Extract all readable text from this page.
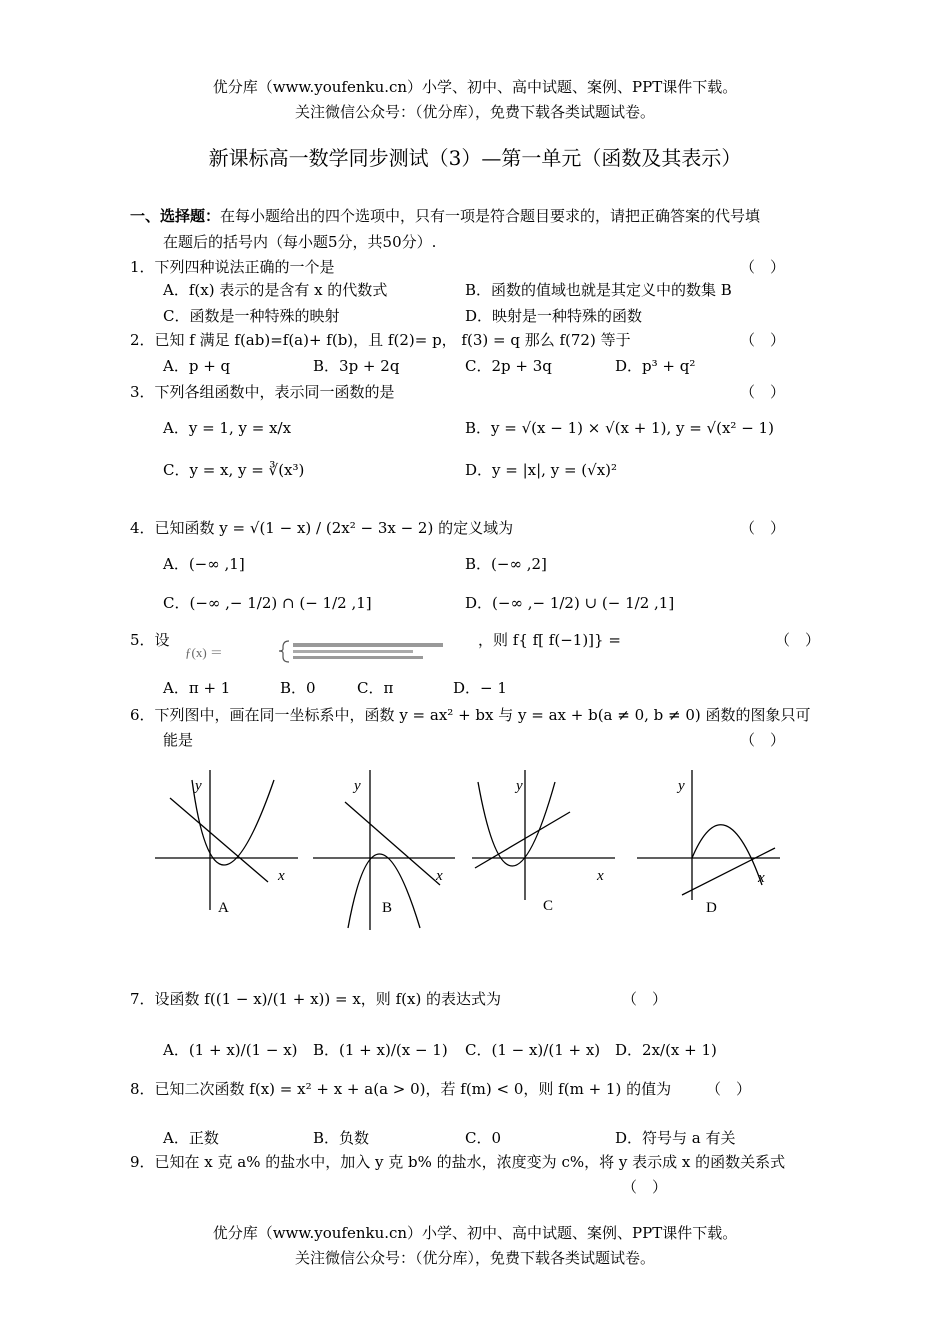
优分库（www.youfenku.cn）小学、初中、高中试题、案例、PPT课件下载。
关注微信公众号：（优分库），免费下载各类试题试卷。
新课标高一数学同步测试（3）—第一单元（函数及其表示）
一、选择题：在每小题给出的四个选项中，只有一项是符合题目要求的，请把正确答案的代号填
在题后的括号内（每小题5分，共50分）.
1．下列四种说法正确的一个是	（　）
A．f(x) 表示的是含有 x 的代数式	B．函数的值域也就是其定义中的数集 B
C．函数是一种特殊的映射	D．映射是一种特殊的函数
2．已知 f 满足 f(ab)=f(a)+ f(b)，且 f(2)= p， f(3) = q 那么 f(72) 等于	（　）
A．p + q	B．3p + 2q	C．2p + 3q	D．p³ + q²
3．下列各组函数中，表示同一函数的是	（　）
A．y = 1, y = x/x	B．y = √(x − 1) × √(x + 1), y = √(x² − 1)
C．y = x, y = ∛(x³)	D．y = |x|, y = (√x)²
4．已知函数 y = √(1 − x) / (2x² − 3x − 2) 的定义域为	（　）
A．(−∞ ,1]	B．(−∞ ,2]
C．(−∞ ,− 1/2) ∩ (− 1/2 ,1]	D．(−∞ ,− 1/2) ∪ (− 1/2 ,1]
5．设
ƒ(x) ＝
，则 f{ f[ f(−1)]} =	（　）
A．π + 1	B．0	C．π	D．− 1
6．下列图中，画在同一坐标系中，函数 y = ax² + bx 与 y = ax + b(a ≠ 0, b ≠ 0) 函数的图象只可
能是	（　）
y
x
A
y
x
B
y
x
C
y
x
D
7．设函数 f((1 − x)/(1 + x)) = x，则 f(x) 的表达式为	（　）
A．(1 + x)/(1 − x) B．(1 + x)/(x − 1) C．(1 − x)/(1 + x) D．2x/(x + 1)
8．已知二次函数 f(x) = x² + x + a(a > 0)，若 f(m) < 0，则 f(m + 1) 的值为 （　）
A．正数	B．负数	C．0	D．符号与 a 有关
9．已知在 x 克 a% 的盐水中，加入 y 克 b% 的盐水，浓度变为 c%，将 y 表示成 x 的函数关系式
（　）
优分库（www.youfenku.cn）小学、初中、高中试题、案例、PPT课件下载。
关注微信公众号：（优分库），免费下载各类试题试卷。
